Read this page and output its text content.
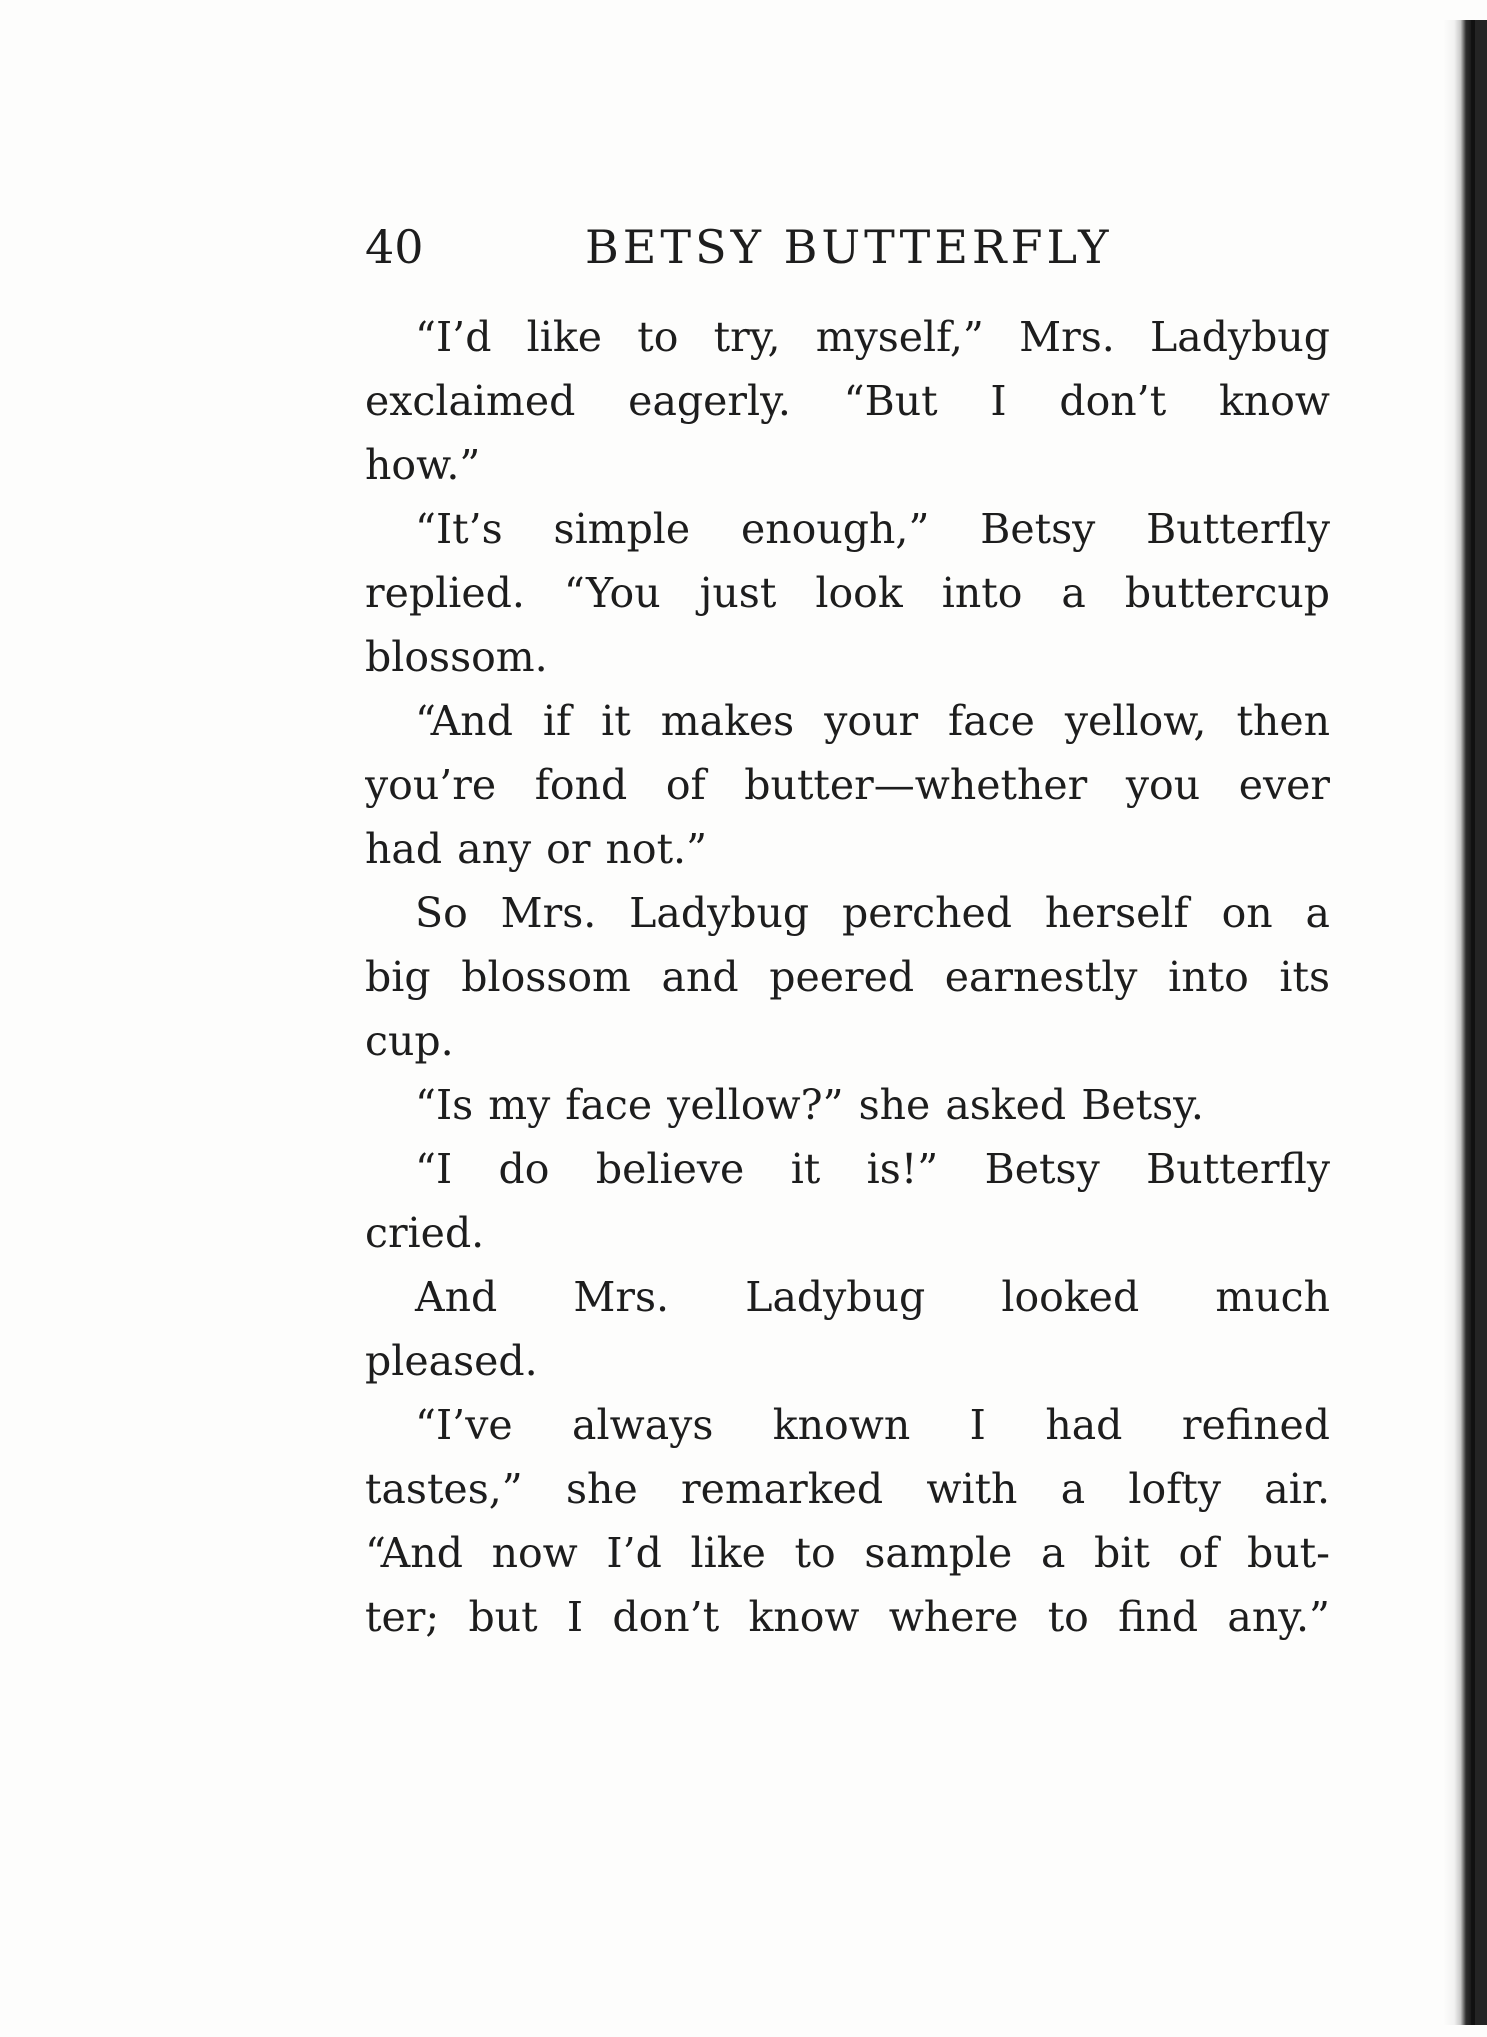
40	BETSY BUTTERFLY

“I’d like to try, myself,” Mrs. Ladybug
exclaimed eagerly. “But I don’t know

how.”

“It’s simple enough,” Betsy Butterfly
replied. “You just look into a buttercup

blossom.

“And if it makes your face yellow, then
you’re fond of butter—whether you ever

had any or not.”

So Mrs. Ladybug perched herself on a
big blossom and peered earnestly into its

cup.

“Is my face yellow?” she asked Betsy.

“I do believe it is!” Betsy Butterfly

cried.

And Mrs. Ladybug looked much

pleased.

“I’ve always known I had refined
tastes,” she remarked with a lofty air.
“And now I’d like to sample a bit of but-
ter; but I don’t know where to find any.”
